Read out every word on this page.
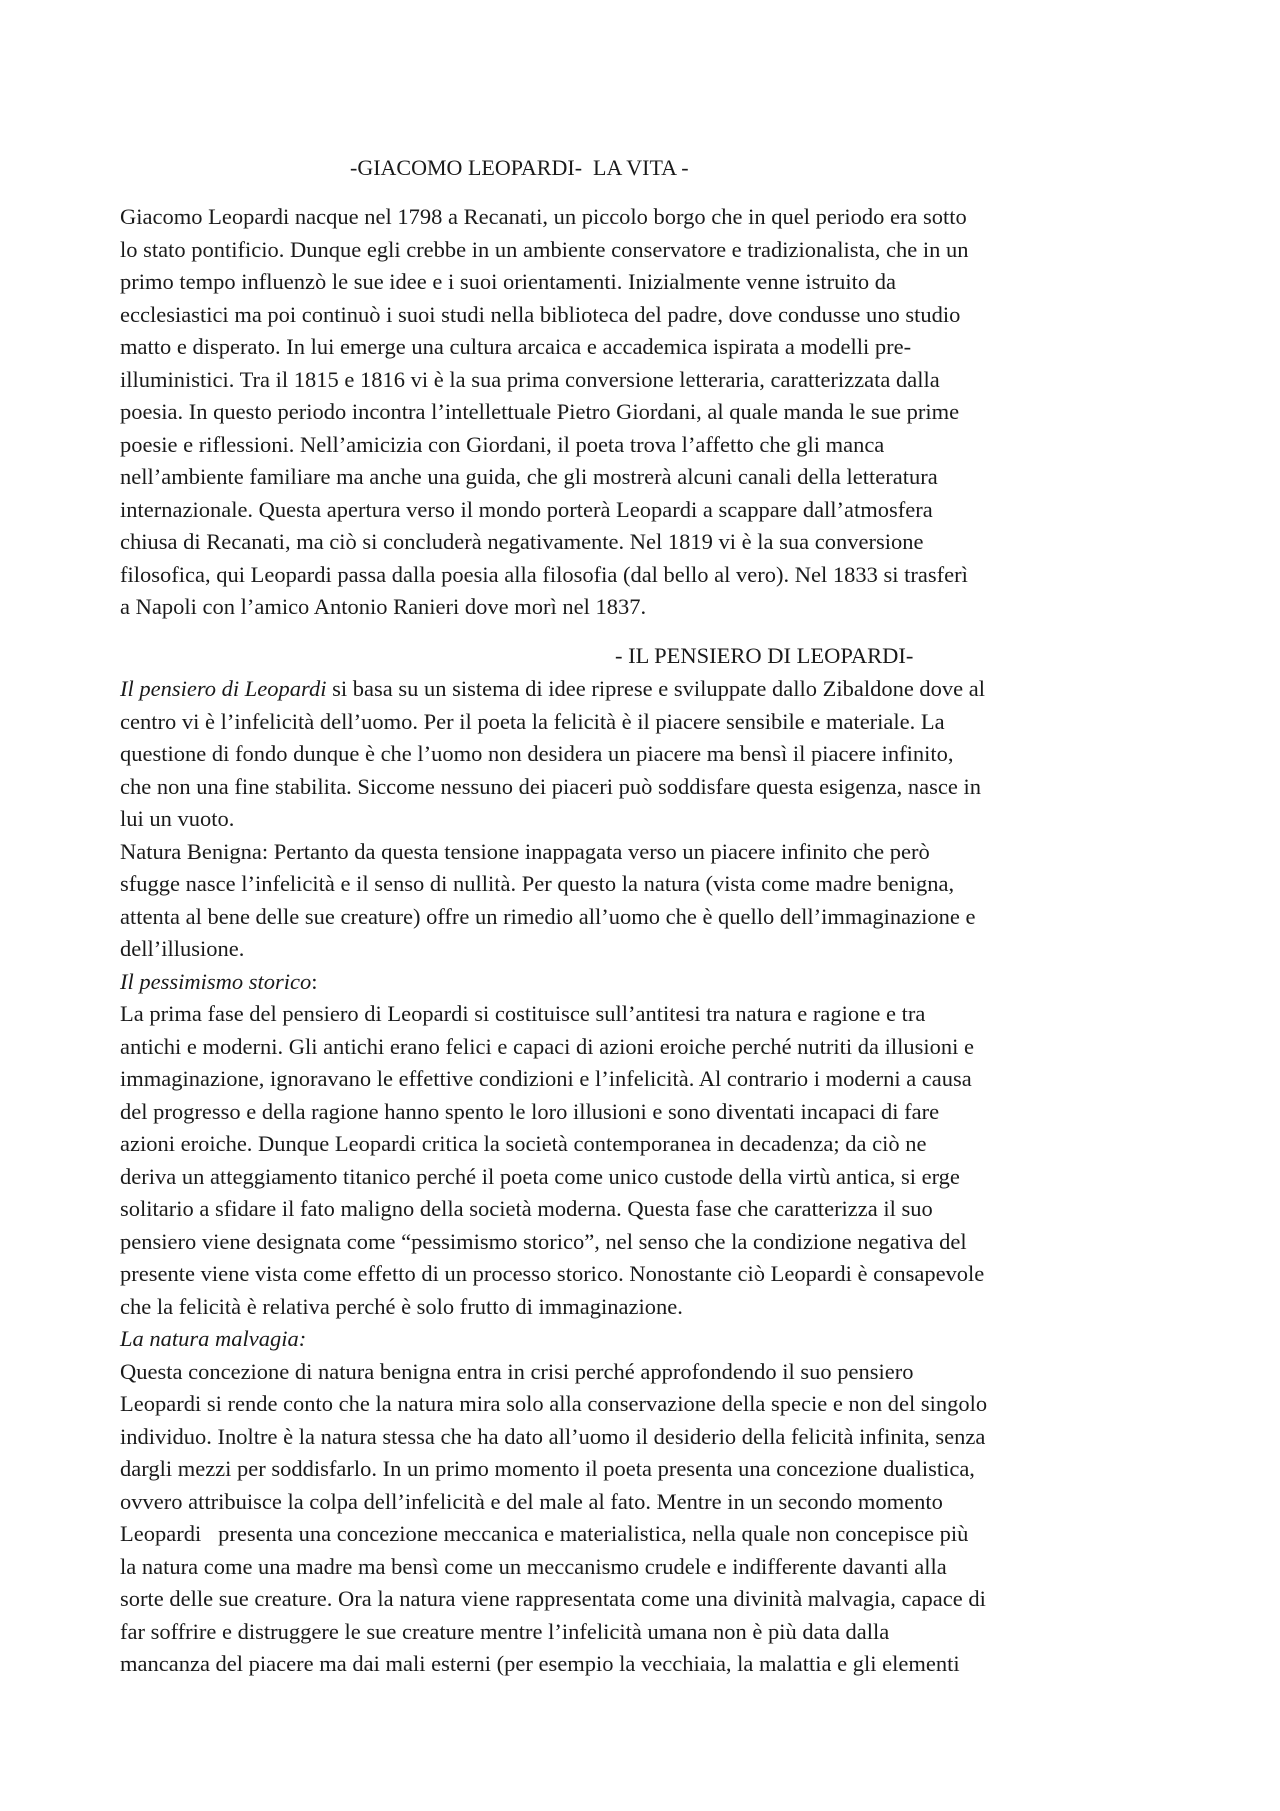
-GIACOMO LEOPARDI-  LA VITA -
Giacomo Leopardi nacque nel 1798 a Recanati, un piccolo borgo che in quel periodo era sotto
lo stato pontificio. Dunque egli crebbe in un ambiente conservatore e tradizionalista, che in un
primo tempo influenzò le sue idee e i suoi orientamenti. Inizialmente venne istruito da
ecclesiastici ma poi continuò i suoi studi nella biblioteca del padre, dove condusse uno studio
matto e disperato. In lui emerge una cultura arcaica e accademica ispirata a modelli pre-
illuministici. Tra il 1815 e 1816 vi è la sua prima conversione letteraria, caratterizzata dalla
poesia. In questo periodo incontra l’intellettuale Pietro Giordani, al quale manda le sue prime
poesie e riflessioni. Nell’amicizia con Giordani, il poeta trova l’affetto che gli manca
nell’ambiente familiare ma anche una guida, che gli mostrerà alcuni canali della letteratura
internazionale. Questa apertura verso il mondo porterà Leopardi a scappare dall’atmosfera
chiusa di Recanati, ma ciò si concluderà negativamente. Nel 1819 vi è la sua conversione
filosofica, qui Leopardi passa dalla poesia alla filosofia (dal bello al vero). Nel 1833 si trasferì
a Napoli con l’amico Antonio Ranieri dove morì nel 1837.
- IL PENSIERO DI LEOPARDI-
Il pensiero di Leopardi si basa su un sistema di idee riprese e sviluppate dallo Zibaldone dove al
centro vi è l’infelicità dell’uomo. Per il poeta la felicità è il piacere sensibile e materiale. La
questione di fondo dunque è che l’uomo non desidera un piacere ma bensì il piacere infinito,
che non una fine stabilita. Siccome nessuno dei piaceri può soddisfare questa esigenza, nasce in
lui un vuoto.
Natura Benigna: Pertanto da questa tensione inappagata verso un piacere infinito che però
sfugge nasce l’infelicità e il senso di nullità. Per questo la natura (vista come madre benigna,
attenta al bene delle sue creature) offre un rimedio all’uomo che è quello dell’immaginazione e
dell’illusione.
Il pessimismo storico:
La prima fase del pensiero di Leopardi si costituisce sull’antitesi tra natura e ragione e tra
antichi e moderni. Gli antichi erano felici e capaci di azioni eroiche perché nutriti da illusioni e
immaginazione, ignoravano le effettive condizioni e l’infelicità. Al contrario i moderni a causa
del progresso e della ragione hanno spento le loro illusioni e sono diventati incapaci di fare
azioni eroiche. Dunque Leopardi critica la società contemporanea in decadenza; da ciò ne
deriva un atteggiamento titanico perché il poeta come unico custode della virtù antica, si erge
solitario a sfidare il fato maligno della società moderna. Questa fase che caratterizza il suo
pensiero viene designata come “pessimismo storico”, nel senso che la condizione negativa del
presente viene vista come effetto di un processo storico. Nonostante ciò Leopardi è consapevole
che la felicità è relativa perché è solo frutto di immaginazione.
La natura malvagia:
Questa concezione di natura benigna entra in crisi perché approfondendo il suo pensiero
Leopardi si rende conto che la natura mira solo alla conservazione della specie e non del singolo
individuo. Inoltre è la natura stessa che ha dato all’uomo il desiderio della felicità infinita, senza
dargli mezzi per soddisfarlo. In un primo momento il poeta presenta una concezione dualistica,
ovvero attribuisce la colpa dell’infelicità e del male al fato. Mentre in un secondo momento
Leopardi   presenta una concezione meccanica e materialistica, nella quale non concepisce più
la natura come una madre ma bensì come un meccanismo crudele e indifferente davanti alla
sorte delle sue creature. Ora la natura viene rappresentata come una divinità malvagia, capace di
far soffrire e distruggere le sue creature mentre l’infelicità umana non è più data dalla
mancanza del piacere ma dai mali esterni (per esempio la vecchiaia, la malattia e gli elementi
